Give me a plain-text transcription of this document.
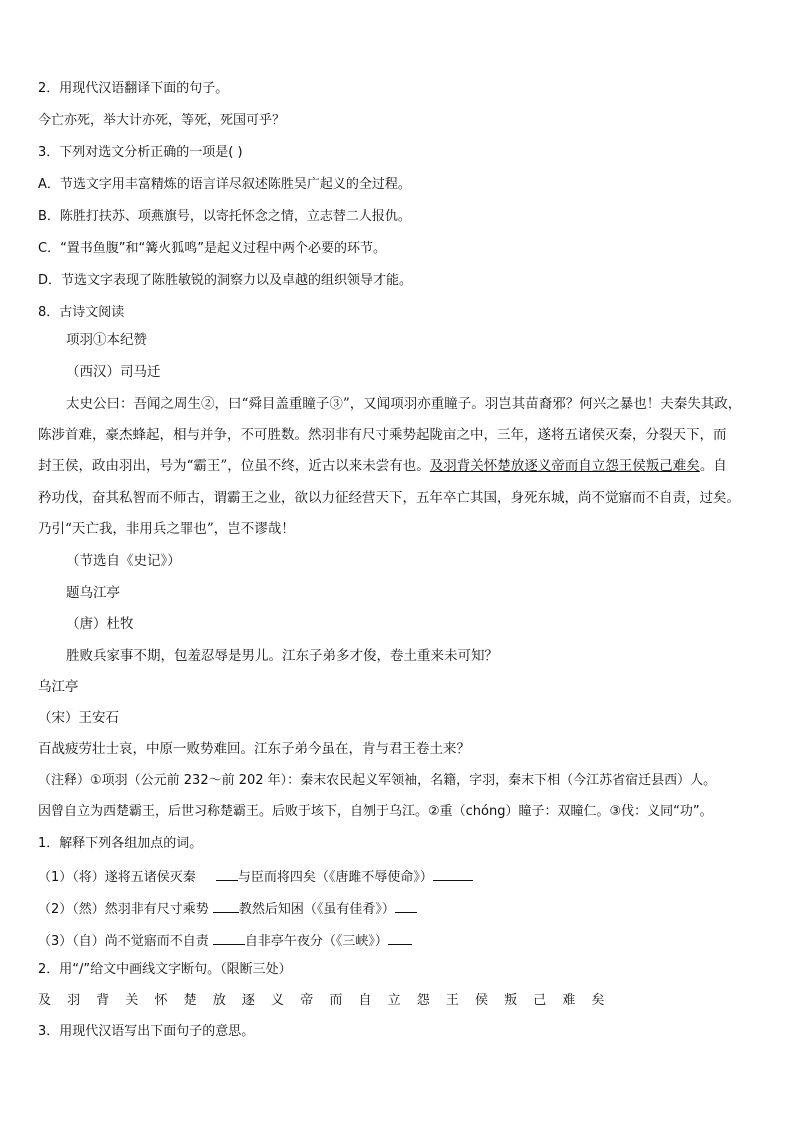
2．用现代汉语翻译下面的句子。
今亡亦死，举大计亦死，等死，死国可乎？
3．下列对选文分析正确的一项是( )
A．节选文字用丰富精炼的语言详尽叙述陈胜吴广起义的全过程。
B．陈胜打扶苏、项燕旗号，以寄托怀念之情，立志替二人报仇。
C．“置书鱼腹”和“篝火狐鸣”是起义过程中两个必要的环节。
D．节选文字表现了陈胜敏锐的洞察力以及卓越的组织领导才能。
8．古诗文阅读
项羽①本纪赞
（西汉）司马迁
太史公曰：吾闻之周生②，曰“舜目盖重瞳子③”，又闻项羽亦重瞳子。羽岂其苗裔邪？何兴之暴也！夫秦失其政，
陈涉首难，豪杰蜂起，相与并争，不可胜数。然羽非有尺寸乘势起陇亩之中，三年，遂将五诸侯灭秦，分裂天下，而
封王侯，政由羽出，号为“霸王”，位虽不终，近古以来未尝有也。及羽背关怀楚放逐义帝而自立怨王侯叛己难矣。自
矜功伐，奋其私智而不师古，谓霸王之业，欲以力征经营天下，五年卒亡其国，身死东城，尚不觉寤而不自责，过矣。
乃引“天亡我，非用兵之罪也”，岂不谬哉！
（节选自《史记》）
题乌江亭
（唐）杜牧
胜败兵家事不期，包羞忍辱是男儿。江东子弟多才俊，卷土重来未可知？
乌江亭
（宋）王安石
百战疲劳壮士哀，中原一败势难回。江东子弟今虽在，肯与君王卷土来？
（注释）①项羽（公元前 232～前 202 年）：秦末农民起义军领袖，名籍，字羽，秦末下相（今江苏省宿迁县西）人。
因曾自立为西楚霸王，后世习称楚霸王。后败于垓下，自刎于乌江。②重（chóng）瞳子：双瞳仁。③伐：义同“功”。
1．解释下列各组加点的词。
（1）（将）遂将五诸侯灭秦	与臣而将四矣（《唐雎不辱使命》）
（2）（然）然羽非有尺寸乘势 教然后知困（《虽有佳肴》）
（3）（自）尚不觉寤而不自责	自非亭午夜分（《三峡》）
2．用“/”给文中画线文字断句。（限断三处）
及 羽 背 关 怀 楚 放 逐 义 帝 而 自 立 怨 王 侯 叛 己 难 矣
3．用现代汉语写出下面句子的意思。
